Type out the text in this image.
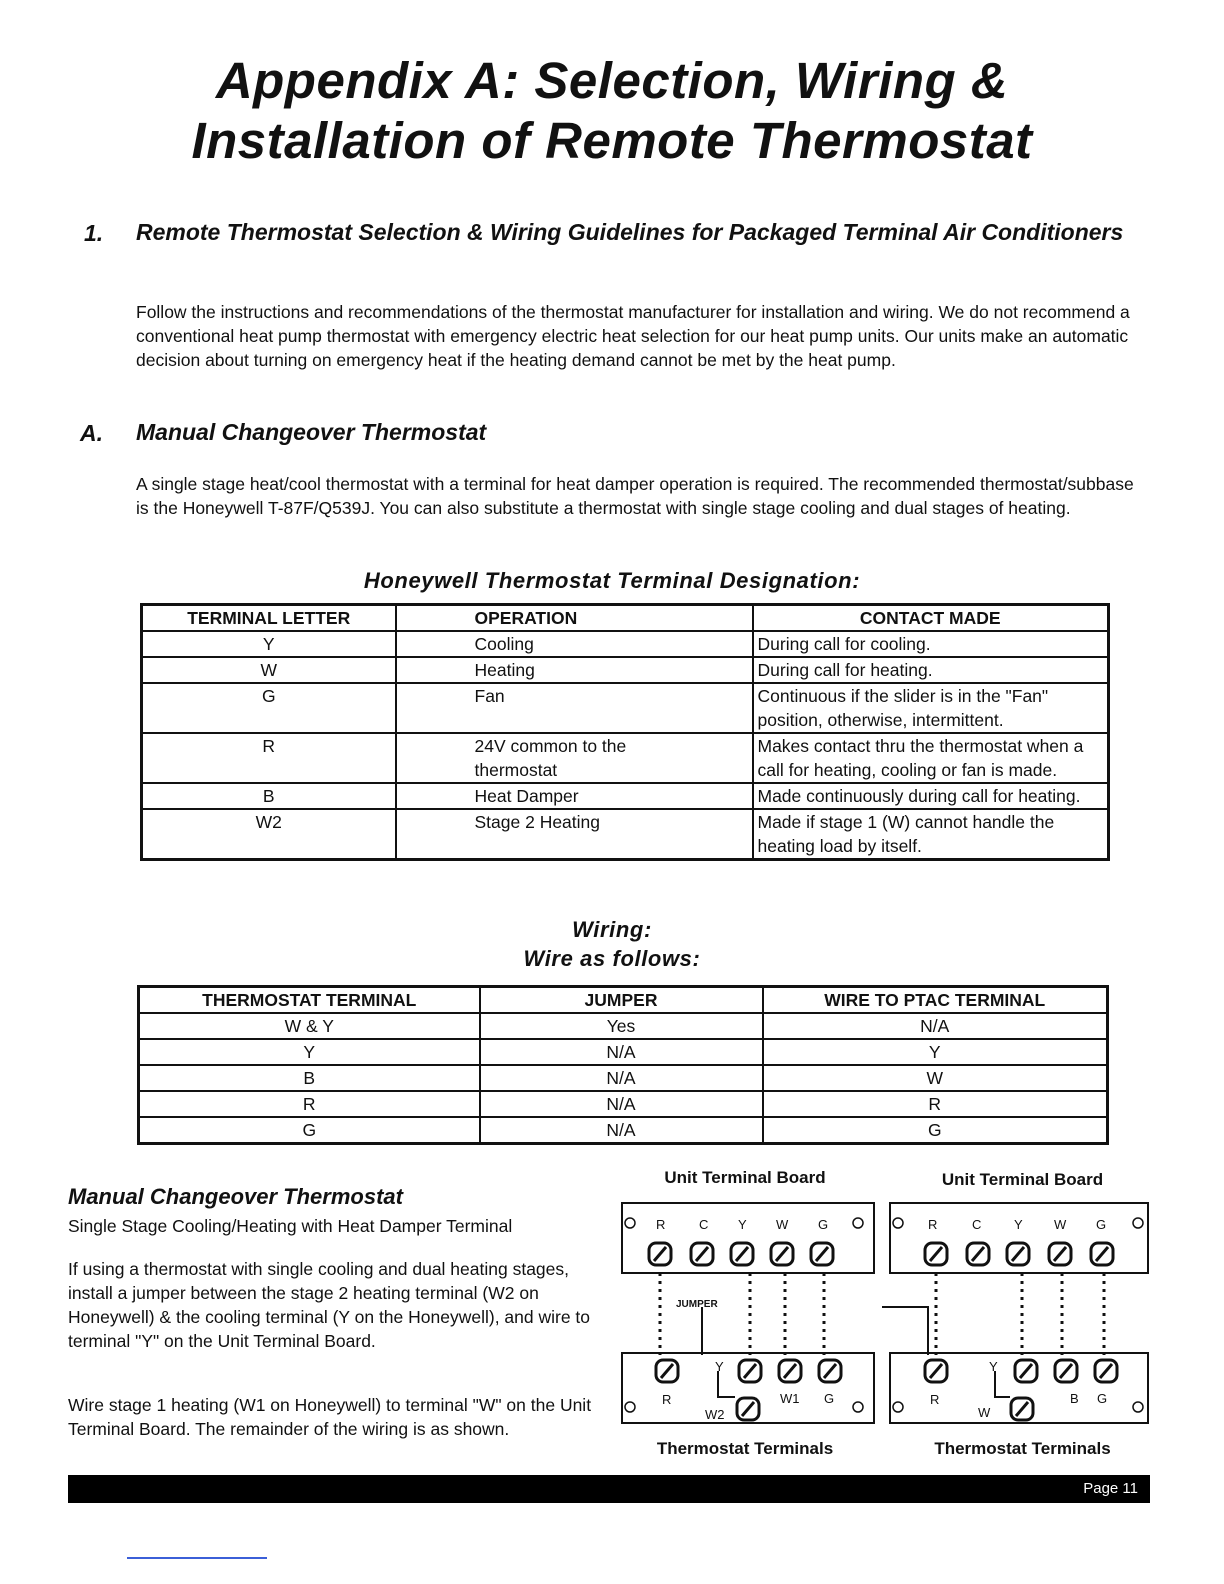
Appendix A: Selection, Wiring &
Installation of Remote Thermostat
1. Remote Thermostat Selection & Wiring Guidelines for Packaged Terminal Air Conditioners
Follow the instructions and recommendations of the thermostat manufacturer for installation and wiring. We do not recommend a conventional heat pump thermostat with emergency electric heat selection for our heat pump units. Our units make an automatic decision about turning on emergency heat if the heating demand cannot be met by the heat pump.
A. Manual Changeover Thermostat
A single stage heat/cool thermostat with a terminal for heat damper operation is required. The recommended thermostat/subbase is the Honeywell T-87F/Q539J. You can also substitute a thermostat with single stage cooling and dual stages of heating.
Honeywell Thermostat Terminal Designation:
TERMINAL LETTER	OPERATION	CONTACT MADE
Y	Cooling	During call for cooling.
W	Heating	During call for heating.
G	Fan	Continuous if the slider is in the "Fan" position, otherwise, intermittent.
R	24V common to the thermostat	Makes contact thru the thermostat when a call for heating, cooling or fan is made.
B	Heat Damper	Made continuously during call for heating.
W2	Stage 2 Heating	Made if stage 1 (W) cannot handle the heating load by itself.
Wiring:
Wire as follows:
THERMOSTAT TERMINAL	JUMPER	WIRE TO PTAC TERMINAL
W & Y	Yes	N/A
Y	N/A	Y
B	N/A	W
R	N/A	R
G	N/A	G
Manual Changeover Thermostat
Single Stage Cooling/Heating with Heat Damper Terminal
If using a thermostat with single cooling and dual heating stages, install a jumper between the stage 2 heating terminal (W2 on Honeywell) & the cooling terminal (Y on the Honeywell), and wire to terminal "Y" on the Unit Terminal Board.
Wire stage 1 heating (W1 on Honeywell) to terminal "W" on the Unit Terminal Board. The remainder of the wiring is as shown.
Unit Terminal Board
Thermostat Terminals
Unit Terminal Board
Thermostat Terminals
R	C Y W G
JUMPER
R
Y
W1 G
W2
R	C	Y W G
R
Y
B G
W
Page 11
